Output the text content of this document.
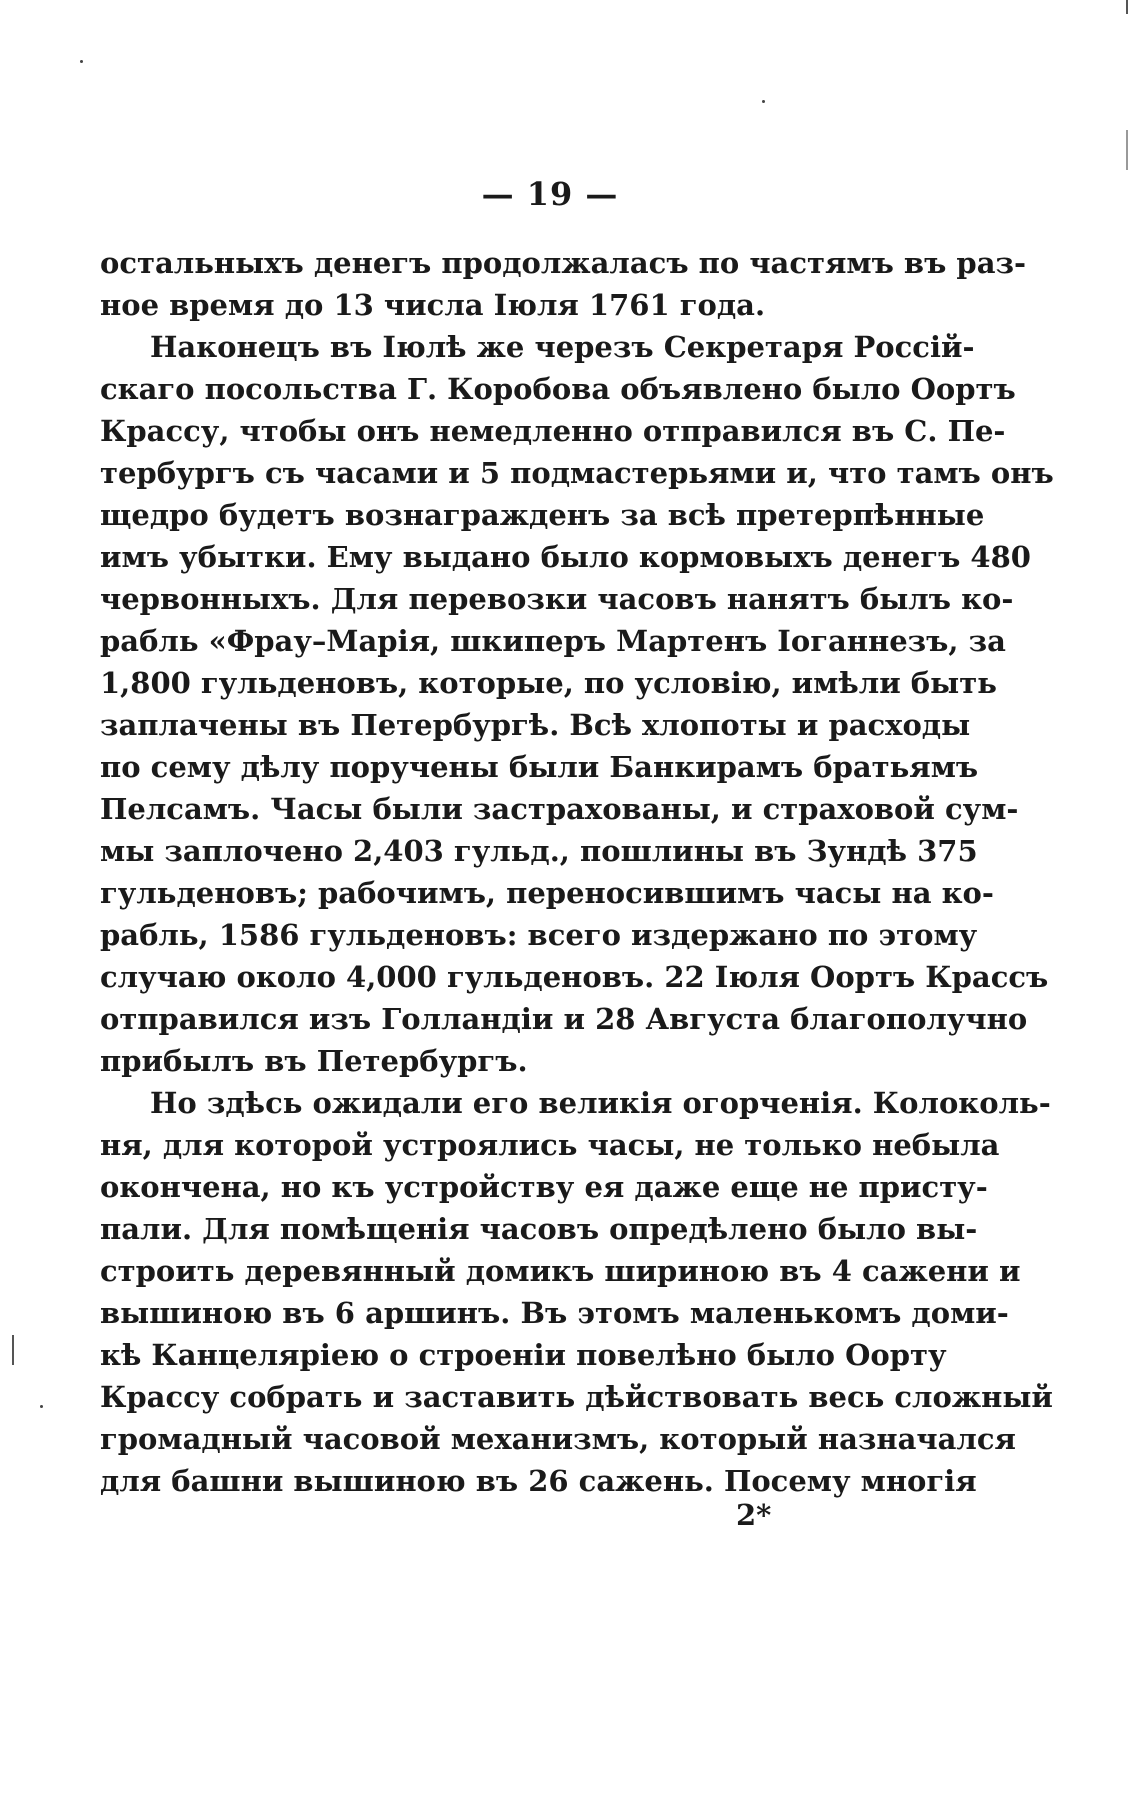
— 19 —
остальныхъ денегъ продолжаласъ по частямъ въ раз-
ное время до 13 числа Іюля 1761 года.
Наконецъ въ Іюлѣ же черезъ Секретаря Россій-
скаго посольства Г. Коробова объявлено было Оортъ
Крассу, чтобы онъ немедленно отправился въ С. Пе-
тербургъ съ часами и 5 подмастерьями и, что тамъ онъ
щедро будетъ вознагражденъ за всѣ претерпѣнные
имъ убытки. Ему выдано было кормовыхъ денегъ 480
червонныхъ. Для перевозки часовъ нанятъ былъ ко-
рабль «Фрау–Марія, шкиперъ Мартенъ Іоганнезъ, за
1,800 гульденовъ, которые, по условію, имѣли быть
заплачены въ Петербургѣ. Всѣ хлопоты и расходы
по сему дѣлу поручены были Банкирамъ братьямъ
Пелсамъ. Часы были застрахованы, и страховой сум-
мы заплочено 2,403 гульд., пошлины въ Зундѣ 375
гульденовъ; рабочимъ, переносившимъ часы на ко-
рабль, 1586 гульденовъ: всего издержано по этому
случаю около 4,000 гульденовъ. 22 Іюля Оортъ Крассъ
отправился изъ Голландіи и 28 Августа благополучно
прибылъ въ Петербургъ.
Но здѣсь ожидали его великія огорченія. Колоколь-
ня, для которой устроялись часы, не только небыла
окончена, но къ устройству ея даже еще не присту-
пали. Для помѣщенія часовъ опредѣлено было вы-
строить деревянный домикъ шириною въ 4 сажени и
вышиною въ 6 аршинъ. Въ этомъ маленькомъ доми-
кѣ Канцеляріею о строеніи повелѣно было Оорту
Крассу собрать и заставить дѣйствовать весь сложный
громадный часовой механизмъ, который назначался
для башни вышиною въ 26 сажень. Посему многія
2*
